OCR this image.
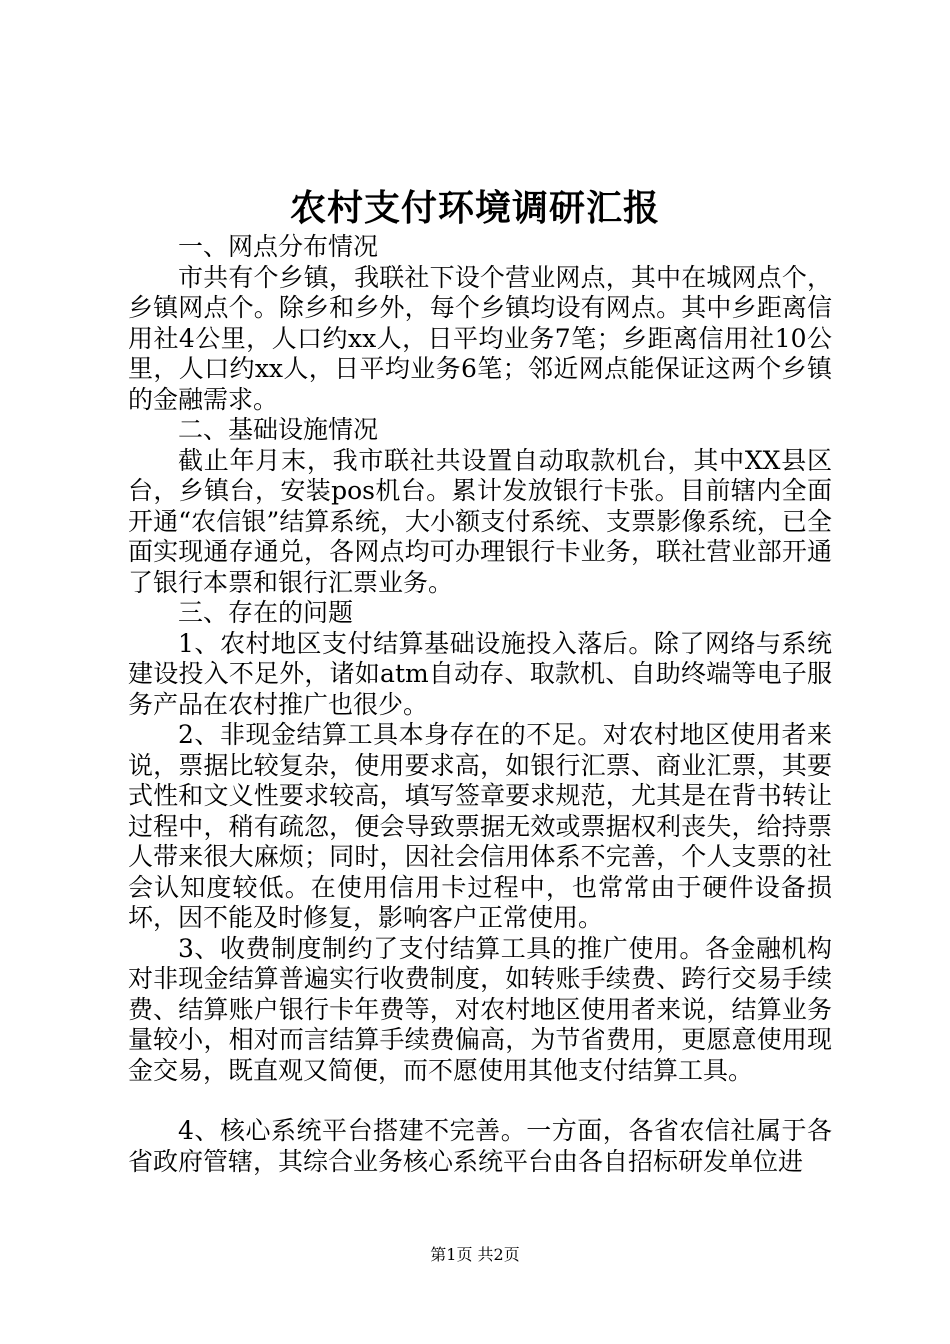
农村支付环境调研汇报

一、网点分布情况

市共有个乡镇，我联社下设个营业网点，其中在城网点个，乡镇网点个。除乡和乡外，每个乡镇均设有网点。其中乡距离信用社4公里，人口约xx人，日平均业务7笔；乡距离信用社10公里，人口约xx人，日平均业务6笔；邻近网点能保证这两个乡镇的金融需求。

二、基础设施情况

截止年月末，我市联社共设置自动取款机台，其中XX县区台，乡镇台，安装pos机台。累计发放银行卡张。目前辖内全面开通“农信银”结算系统，大小额支付系统、支票影像系统，已全面实现通存通兑，各网点均可办理银行卡业务，联社营业部开通了银行本票和银行汇票业务。

三、存在的问题

1、农村地区支付结算基础设施投入落后。除了网络与系统建设投入不足外，诸如atm自动存、取款机、自助终端等电子服务产品在农村推广也很少。

2、非现金结算工具本身存在的不足。对农村地区使用者来说，票据比较复杂，使用要求高，如银行汇票、商业汇票，其要式性和文义性要求较高，填写签章要求规范，尤其是在背书转让过程中，稍有疏忽，便会导致票据无效或票据权利丧失，给持票人带来很大麻烦；同时，因社会信用体系不完善，个人支票的社会认知度较低。在使用信用卡过程中，也常常由于硬件设备损坏，因不能及时修复，影响客户正常使用。

3、收费制度制约了支付结算工具的推广使用。各金融机构对非现金结算普遍实行收费制度，如转账手续费、跨行交易手续费、结算账户银行卡年费等，对农村地区使用者来说，结算业务量较小，相对而言结算手续费偏高，为节省费用，更愿意使用现金交易，既直观又简便，而不愿使用其他支付结算工具。

4、核心系统平台搭建不完善。一方面，各省农信社属于各省政府管辖，其综合业务核心系统平台由各自招标研发单位进

第1页 共2页
